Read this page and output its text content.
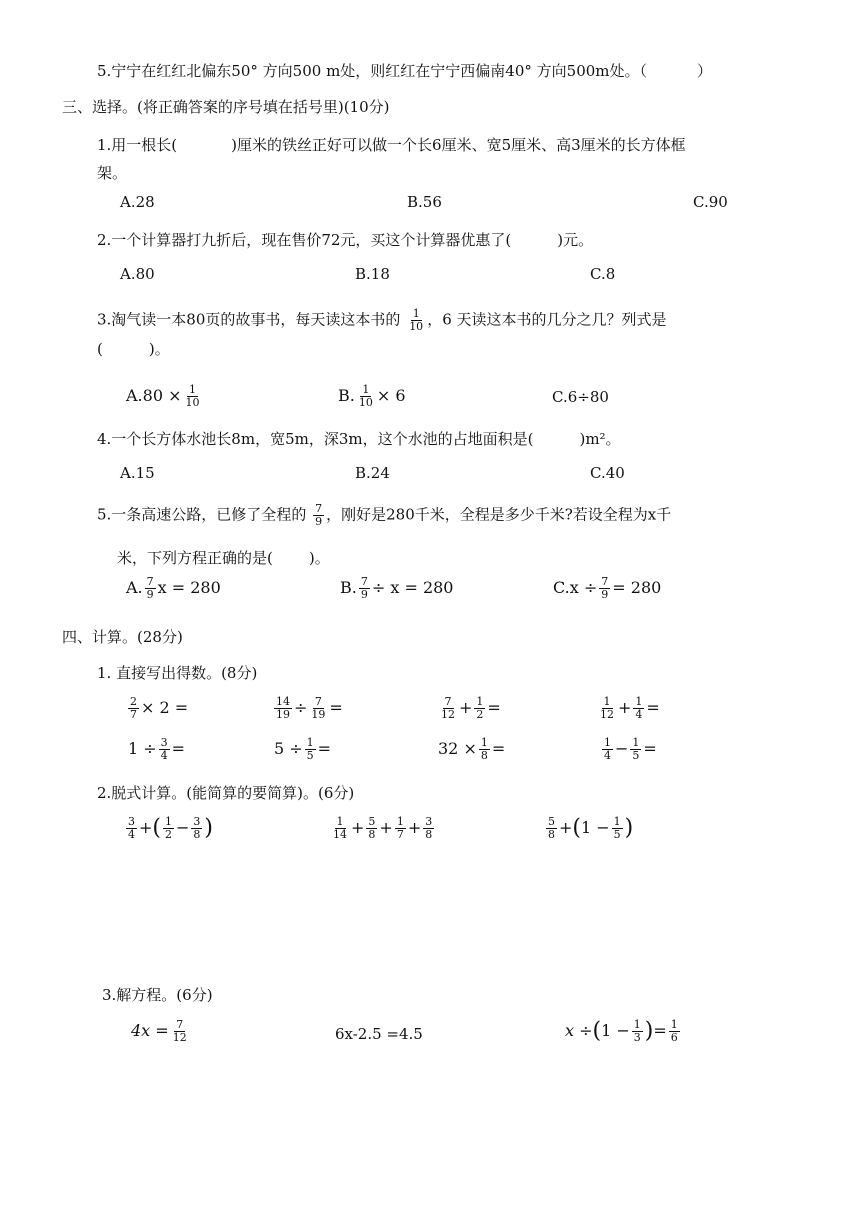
5.宁宁在红红北偏东50° 方向500 m处，则红红在宁宁西偏南40° 方向500m处。（	）
三、选择。(将正确答案的序号填在括号里)(10分)
1.用一根长(	)厘米的铁丝正好可以做一个长6厘米、宽5厘米、高3厘米的长方体框
架。
A.28	B.56	C.90
2.一个计算器打九折后，现在售价72元，买这个计算器优惠了(	)元。
A.80	B.18	C.8
3.淘气读一本80页的故事书，每天读这本书的 $\frac{1}{10}$ ，6 天读这本书的几分之几？列式是
(	)。
$A.80 \times \frac{1}{10}$	B. $\frac{1}{10} \times 6$	C.6÷80
4.一个长方体水池长8m，宽5m，深3m，这个水池的占地面积是(	)m²。
A.15	B.24	C.40
5.一条高速公路，已修了全程的 $\frac{7}{9}$ ，刚好是280千米，全程是多少千米?若设全程为x千
米，下列方程正确的是( )。
A. $\frac{7}{9}$ x = 280	B. $\frac{7}{9} \div x = 280$	$C.x \div \frac{7}{9} = 280$
四、计算。(28分)
1. 直接写出得数。(8分)
$\frac{2}{7} \times 2$ =	$\frac{14}{19} \div \frac{7}{19}$ =	$\frac{7}{12} + \frac{1}{2}$ =	$\frac{1}{12} + \frac{1}{4}$ =
$1 \div \frac{3}{4}$ =	$5 \div \frac{1}{5}$ =	$32 \times \frac{1}{8}$ =	$\frac{1}{4} - \frac{1}{5}$ =
2.脱式计算。(能简算的要简算)。(6分)
$\frac{3}{4}$ +( $\frac{1}{2} - \frac{3}{8}$ )	$\frac{1}{14} + \frac{5}{8} + \frac{1}{7} + \frac{3}{8}$	$\frac{5}{8} +(1 - \frac{1}{5}$ )
3.解方程。(6分)
$4x = \frac{7}{12}$	6x-2.5 =4.5	$x \div(1 - \frac{1}{3}$ )= $\frac{1}{6}$
